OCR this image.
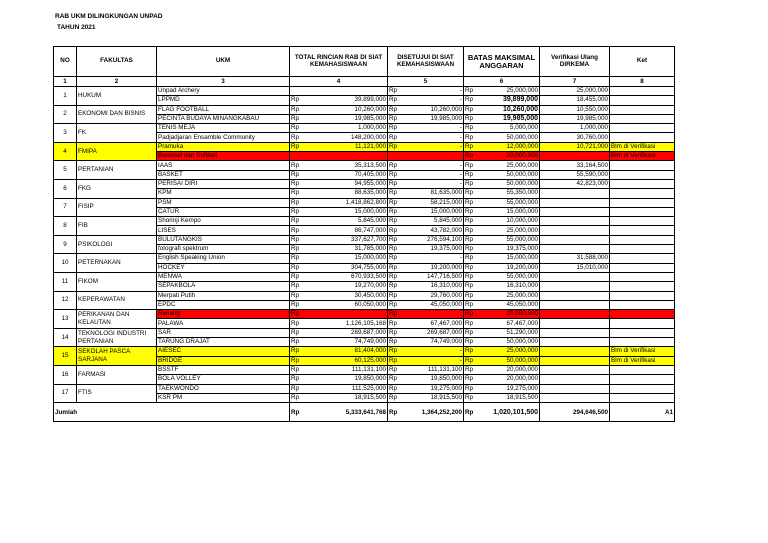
RAB UKM DILINGKUNGAN UNPAD
TAHUN 2021
NO	FAKULTAS	UKM	TOTAL RINCIAN RAB DI SIAT KEMAHASISWAAN		DISETUJUI DI SIAT KEMAHASISWAAN		BATAS MAKSIMAL ANGGARAN		Verifikasi Ulang DIRKEMA	Ket
1	2	3	4		5		6		7	8
1	HUKUM	Unpad Archery			Rp	-	Rp	25,000,000	25,000,000	
		LPPMD	Rp	39,899,000	Rp	-	Rp	39,899,000	18,455,000	
2	EKONOMI DAN BISNIS	FLAG FOOTBALL	Rp	10,260,000	Rp	10,260,000	Rp	10,260,000	10,550,000	
		PECINTA BUDAYA MINANGKABAU	Rp	19,985,000	Rp	19,985,000	Rp	19,985,000	19,985,000	
3	FK	TENIS MEJA	Rp	1,000,000	Rp	-	Rp	5,000,000	1,000,000	
		Padjadjaran Ensamble Community	Rp	148,200,000	Rp	-	Rp	50,000,000	30,760,000	
4	FMIPA	Pramuka	Rp	11,121,000	Rp	-	Rp	12,000,000	10,721,000	Blm di Verifikasi
		Baseball dan Softball					Rp	20,000,000		Blm di Verifikasi
5	PERTANIAN	IAAS	Rp	35,313,500	Rp	-	Rp	25,000,000	33,164,500	
		BASKET	Rp	70,405,000	Rp	-	Rp	50,000,000	55,590,000	
6	FKG	PERISAI DIRI	Rp	94,955,000	Rp	-	Rp	50,000,000	42,823,000	
		KPM	Rp	88,635,000	Rp	81,635,000	Rp	55,350,000		
7	FISIP	PSM	Rp	1,418,862,800	Rp	58,215,000	Rp	55,000,000		
		CATUR	Rp	15,000,000	Rp	15,000,000	Rp	15,000,000		
8	FIB	Shorinji Kempo	Rp	5,845,000	Rp	5,845,000	Rp	10,000,000		
		LISES	Rp	86,747,000	Rp	43,782,000	Rp	25,000,000		
9	PSIKOLOGI	BULUTANGKIS	Rp	337,627,700	Rp	276,594,100	Rp	55,000,000		
		fotografi spektrum	Rp	31,785,000	Rp	19,375,000	Rp	19,375,000		
10	PETERNAKAN	English Speaking Union	Rp	15,000,000	Rp	-	Rp	15,000,000	31,588,000	
		HOCKEY	Rp	304,755,000	Rp	19,200,000	Rp	19,200,000	15,010,000	
11	FIKOM	MENWA	Rp	670,933,500	Rp	147,716,500	Rp	55,000,000		
		SEPAKBOLA	Rp	19,270,000	Rp	16,310,000	Rp	16,310,000		
12	KEPERAWATAN	Merpati Putih	Rp	30,450,000	Rp	29,760,000	Rp	25,000,000		
		EPDC	Rp	60,050,000	Rp	45,050,000	Rp	45,050,000		
13	PERIKANAN DAN KELAUTAN	Renang	Rp		Rp		Rp	20,000,000		
		PALAWA	Rp	1,126,105,168	Rp	67,467,000	Rp	67,467,000		
14	TEKNOLOGI INDUSTRI PERTANIAN	SAR	Rp	269,687,000	Rp	269,687,000	Rp	51,290,000		
		TARUNG DRAJAT	Rp	74,749,000	Rp	74,749,000	Rp	50,000,000		
15	SEKOLAH PASCA SARJANA	AIESEC	Rp	81,404,000	Rp	-	Rp	25,000,000		Blm di Verifikasi
		BRIDGE	Rp	60,125,000	Rp	-	Rp	50,000,000		Blm di Verifikasi
16	FARMASI	BSSTF	Rp	111,131,100	Rp	111,131,100	Rp	20,000,000		
		BOLA VOLLEY	Rp	19,850,000	Rp	19,850,000	Rp	20,000,000		
17	FTIS	TAEKWONDO	Rp	111,525,000	Rp	19,275,000	Rp	19,275,000		
		KSR PM	Rp	18,915,500	Rp	18,915,500	Rp	18,915,500		
Jumlah			Rp	5,333,641,768	Rp	1,364,252,200	Rp	1,020,101,500	294,646,500	A1
